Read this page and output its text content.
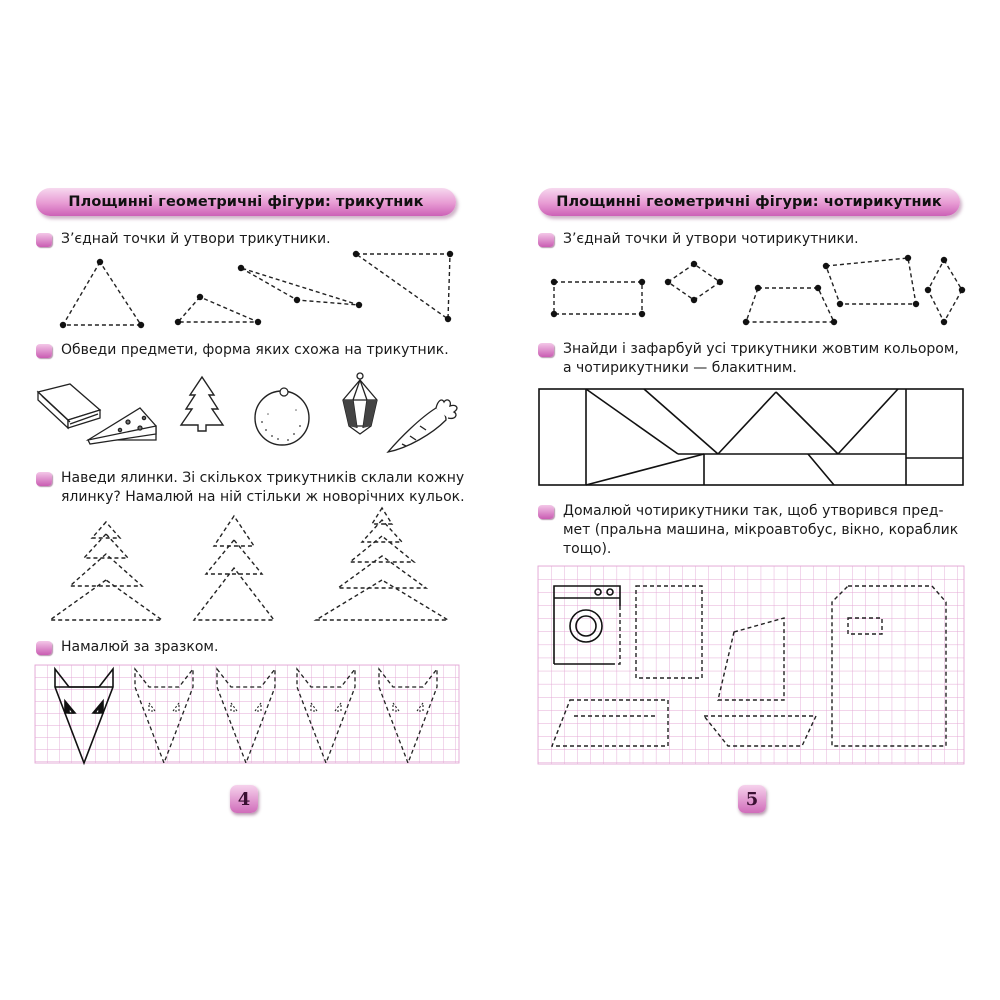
Площинні геометричні фігури: трикутник
З’єднай точки й утвори трикутники.
Обведи предмети, форма яких схожа на трикутник.
Наведи ялинки. Зі скількох трикутників склали кожну
ялинку? Намалюй на ній стільки ж новорічних кульок.
Намалюй за зразком.
4
Площинні геометричні фігури: чотирикутник
З’єднай точки й утвори чотирикутники.
Знайди і зафарбуй усі трикутники жовтим кольором,
а чотирикутники — блакитним.
Домалюй чотирикутники так, щоб утворився пред-
мет (пральна машина, мікроавтобус, вікно, кораблик
тощо).
5
